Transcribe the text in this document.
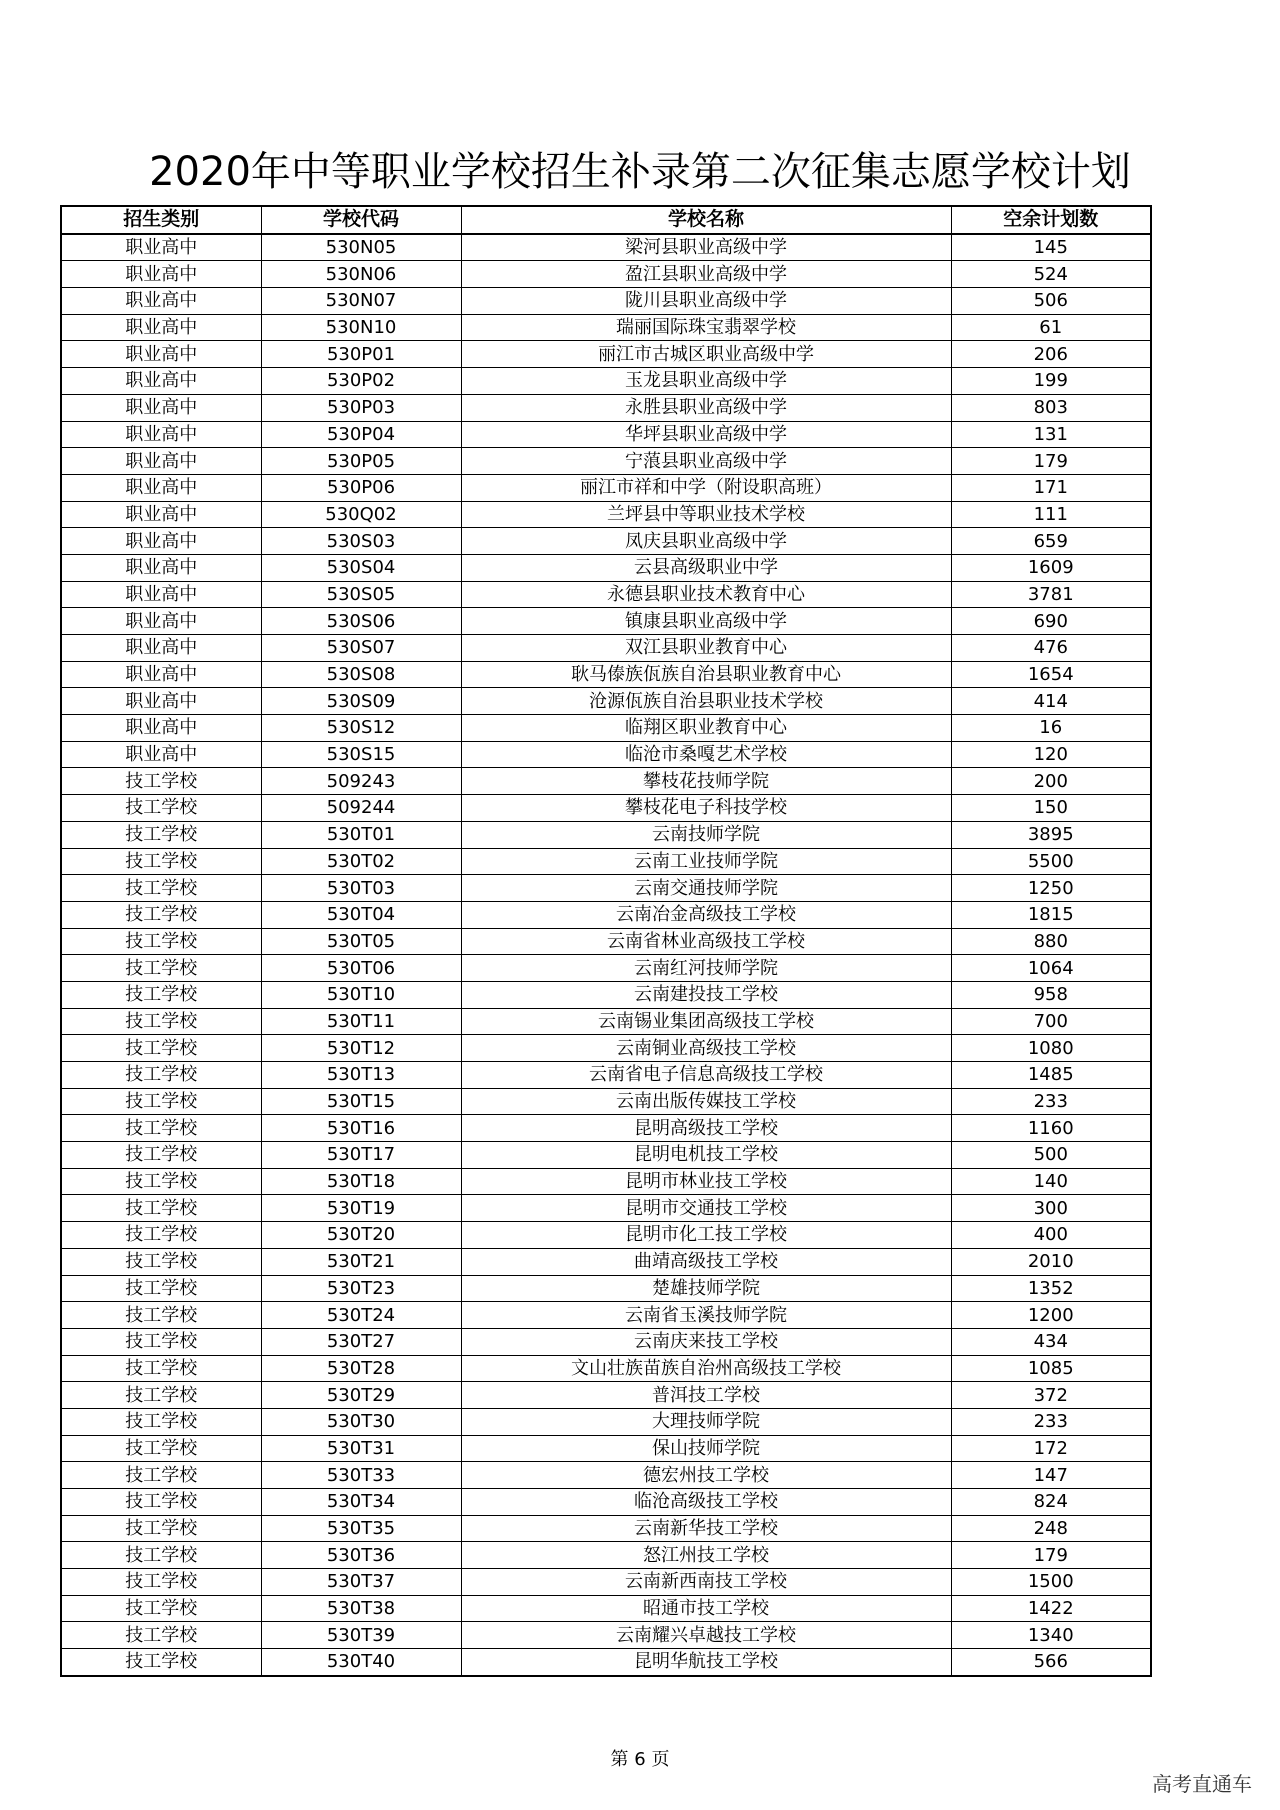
2020年中等职业学校招生补录第二次征集志愿学校计划
招生类别	学校代码	学校名称	空余计划数
职业高中	530N05	梁河县职业高级中学	145
职业高中	530N06	盈江县职业高级中学	524
职业高中	530N07	陇川县职业高级中学	506
职业高中	530N10	瑞丽国际珠宝翡翠学校	61
职业高中	530P01	丽江市古城区职业高级中学	206
职业高中	530P02	玉龙县职业高级中学	199
职业高中	530P03	永胜县职业高级中学	803
职业高中	530P04	华坪县职业高级中学	131
职业高中	530P05	宁蒗县职业高级中学	179
职业高中	530P06	丽江市祥和中学（附设职高班）	171
职业高中	530Q02	兰坪县中等职业技术学校	111
职业高中	530S03	凤庆县职业高级中学	659
职业高中	530S04	云县高级职业中学	1609
职业高中	530S05	永德县职业技术教育中心	3781
职业高中	530S06	镇康县职业高级中学	690
职业高中	530S07	双江县职业教育中心	476
职业高中	530S08	耿马傣族佤族自治县职业教育中心	1654
职业高中	530S09	沧源佤族自治县职业技术学校	414
职业高中	530S12	临翔区职业教育中心	16
职业高中	530S15	临沧市桑嘎艺术学校	120
技工学校	509243	攀枝花技师学院	200
技工学校	509244	攀枝花电子科技学校	150
技工学校	530T01	云南技师学院	3895
技工学校	530T02	云南工业技师学院	5500
技工学校	530T03	云南交通技师学院	1250
技工学校	530T04	云南冶金高级技工学校	1815
技工学校	530T05	云南省林业高级技工学校	880
技工学校	530T06	云南红河技师学院	1064
技工学校	530T10	云南建投技工学校	958
技工学校	530T11	云南锡业集团高级技工学校	700
技工学校	530T12	云南铜业高级技工学校	1080
技工学校	530T13	云南省电子信息高级技工学校	1485
技工学校	530T15	云南出版传媒技工学校	233
技工学校	530T16	昆明高级技工学校	1160
技工学校	530T17	昆明电机技工学校	500
技工学校	530T18	昆明市林业技工学校	140
技工学校	530T19	昆明市交通技工学校	300
技工学校	530T20	昆明市化工技工学校	400
技工学校	530T21	曲靖高级技工学校	2010
技工学校	530T23	楚雄技师学院	1352
技工学校	530T24	云南省玉溪技师学院	1200
技工学校	530T27	云南庆来技工学校	434
技工学校	530T28	文山壮族苗族自治州高级技工学校	1085
技工学校	530T29	普洱技工学校	372
技工学校	530T30	大理技师学院	233
技工学校	530T31	保山技师学院	172
技工学校	530T33	德宏州技工学校	147
技工学校	530T34	临沧高级技工学校	824
技工学校	530T35	云南新华技工学校	248
技工学校	530T36	怒江州技工学校	179
技工学校	530T37	云南新西南技工学校	1500
技工学校	530T38	昭通市技工学校	1422
技工学校	530T39	云南耀兴卓越技工学校	1340
技工学校	530T40	昆明华航技工学校	566
第 6 页
高考直通车
